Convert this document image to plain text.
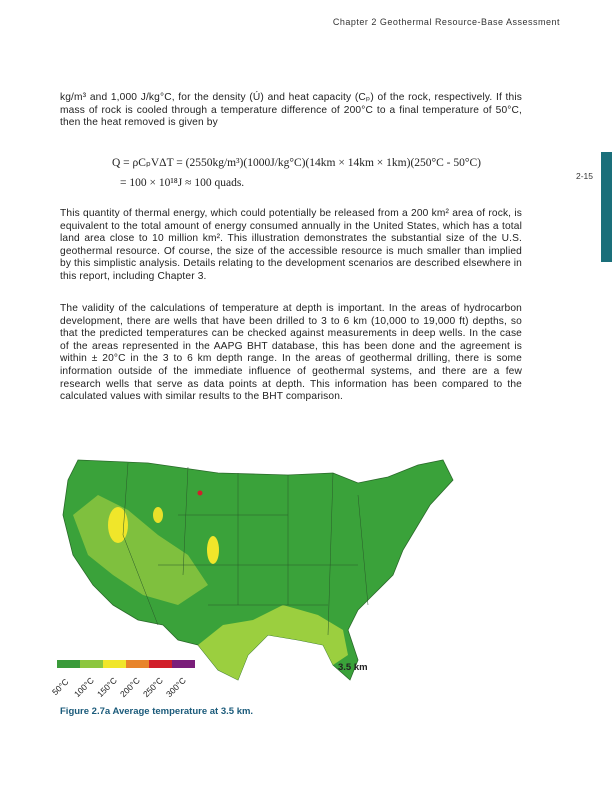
Chapter 2 Geothermal Resource-Base Assessment
2-15
kg/m³ and 1,000 J/kg°C, for the density (Ú) and heat capacity (Cₚ) of the rock, respectively. If this mass of rock is cooled through a temperature difference of 200°C to a final temperature of 50°C, then the heat removed is given by
Q = ρCₚVΔT = (2550kg/m³)(1000J/kg°C)(14km × 14km × 1km)(250°C - 50°C)
= 100 × 10¹⁸J ≈ 100 quads.
This quantity of thermal energy, which could potentially be released from a 200 km² area of rock, is equivalent to the total amount of energy consumed annually in the United States, which has a total land area close to 10 million km². This illustration demonstrates the substantial size of the U.S. geothermal resource. Of course, the size of the accessible resource is much smaller than implied by this simplistic analysis. Details relating to the development scenarios are described elsewhere in this report, including Chapter 3.
The validity of the calculations of temperature at depth is important. In the areas of hydrocarbon development, there are wells that have been drilled to 3 to 6 km (10,000 to 19,000 ft) depths, so that the predicted temperatures can be checked against measurements in deep wells. In the case of the areas represented in the AAPG BHT database, this has been done and the agreement is within ± 20°C in the 3 to 6 km depth range. In the areas of geothermal drilling, there is some information outside of the immediate influence of geothermal systems, and there are a few research wells that serve as data points at depth. This information has been compared to the calculated values with similar results to the BHT comparison.
50°C 100°C 150°C 200°C 250°C 300°C
3.5 km
Figure 2.7a Average temperature at 3.5 km.
